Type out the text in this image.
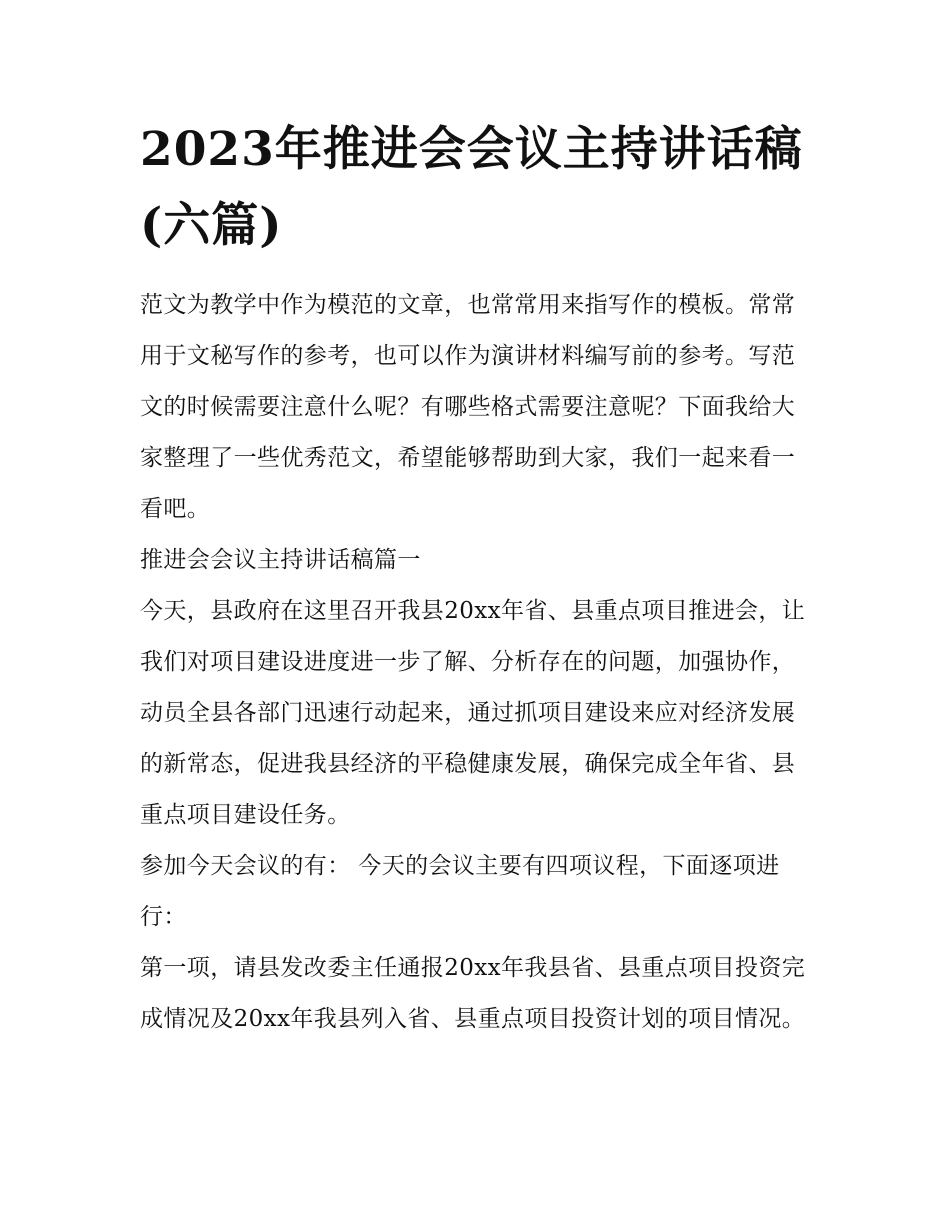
2023年推进会会议主持讲话稿(六篇)

范文为教学中作为模范的文章，也常常用来指写作的模板。常常用于文秘写作的参考，也可以作为演讲材料编写前的参考。写范文的时候需要注意什么呢？有哪些格式需要注意呢？下面我给大家整理了一些优秀范文，希望能够帮助到大家，我们一起来看一看吧。

推进会会议主持讲话稿篇一

今天，县政府在这里召开我县20xx年省、县重点项目推进会，让我们对项目建设进度进一步了解、分析存在的问题，加强协作，动员全县各部门迅速行动起来，通过抓项目建设来应对经济发展的新常态，促进我县经济的平稳健康发展，确保完成全年省、县重点项目建设任务。

参加今天会议的有： 今天的会议主要有四项议程，下面逐项进行：

第一项，请县发改委主任通报20xx年我县省、县重点项目投资完成情况及20xx年我县列入省、县重点项目投资计划的项目情况。
